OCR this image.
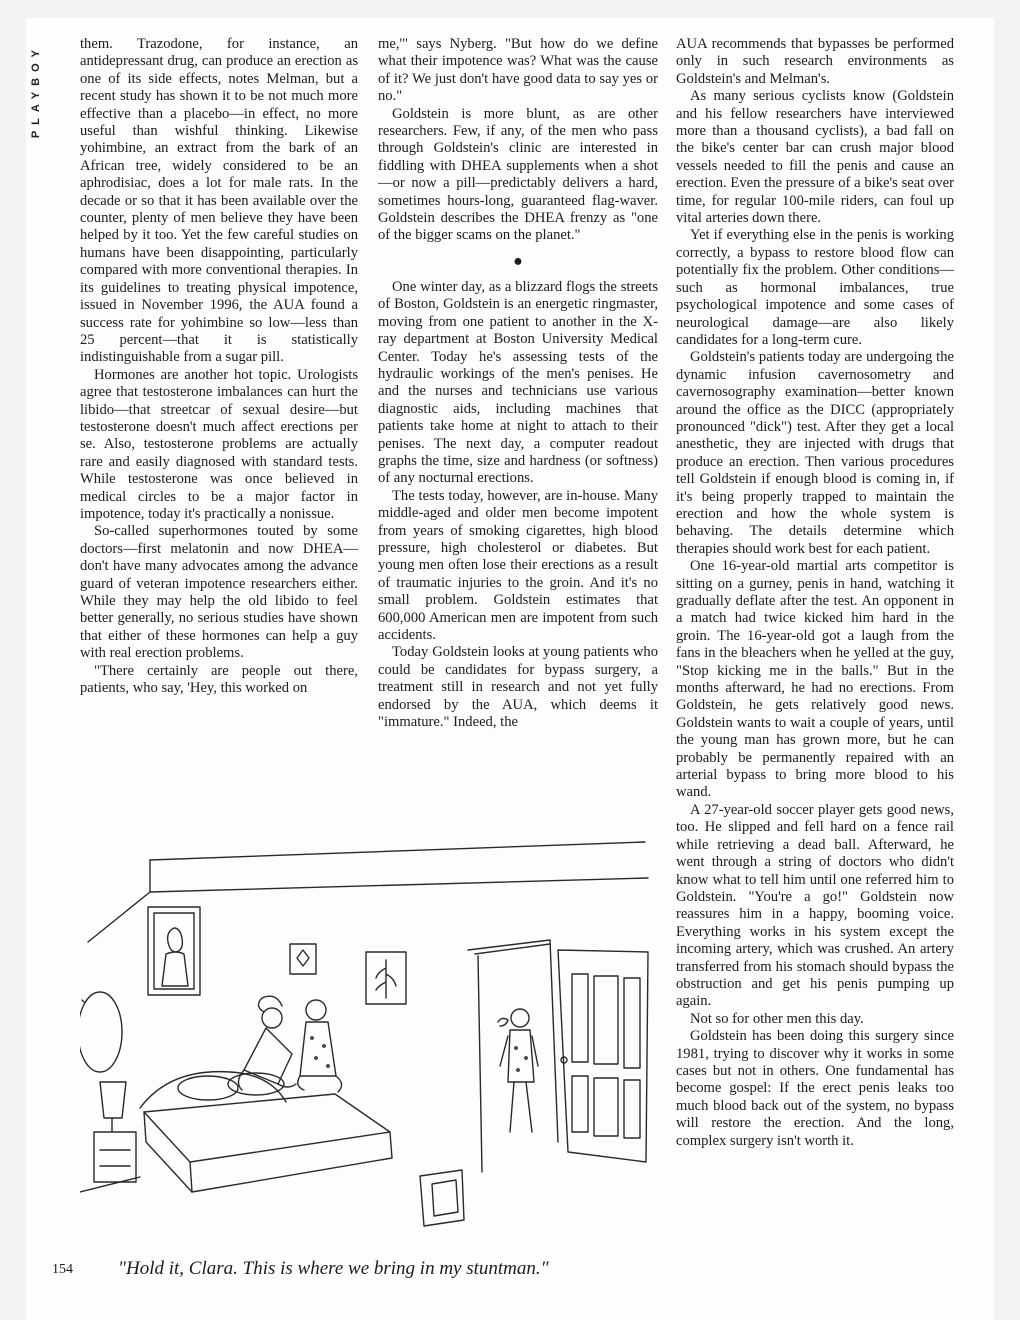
PLAYBOY	them. Trazodone, for instance, an antidepressant drug, can produce an erection as one of its side effects, notes Melman, but a recent study has shown it to be not much more effective than a placebo—in effect, no more useful than wishful thinking. Likewise yohimbine, an extract from the bark of an African tree, widely considered to be an aphrodisiac, does a lot for male rats. In the decade or so that it has been available over the counter, plenty of men believe they have been helped by it too. Yet the few careful studies on humans have been disappointing, particularly compared with more conventional therapies. In its guidelines to treating physical impotence, issued in November 1996, the AUA found a success rate for yohimbine so low—less than 25 percent—that it is statistically indistinguishable from a sugar pill.

Hormones are another hot topic. Urologists agree that testosterone imbalances can hurt the libido—that streetcar of sexual desire—but testosterone doesn't much affect erections per se. Also, testosterone problems are actually rare and easily diagnosed with standard tests. While testosterone was once believed in medical circles to be a major factor in impotence, today it's practically a nonissue.

So-called superhormones touted by some doctors—first melatonin and now DHEA—don't have many advocates among the advance guard of veteran impotence researchers either. While they may help the old libido to feel better generally, no serious studies have shown that either of these hormones can help a guy with real erection problems.

"There certainly are people out there, patients, who say, 'Hey, this worked on

me,'" says Nyberg. "But how do we define what their impotence was? What was the cause of it? We just don't have good data to say yes or no."

Goldstein is more blunt, as are other researchers. Few, if any, of the men who pass through Goldstein's clinic are interested in fiddling with DHEA supplements when a shot—or now a pill—predictably delivers a hard, sometimes hours-long, guaranteed flag-waver. Goldstein describes the DHEA frenzy as "one of the bigger scams on the planet."

●

One winter day, as a blizzard flogs the streets of Boston, Goldstein is an energetic ringmaster, moving from one patient to another in the X-ray department at Boston University Medical Center. Today he's assessing tests of the hydraulic workings of the men's penises. He and the nurses and technicians use various diagnostic aids, including machines that patients take home at night to attach to their penises. The next day, a computer readout graphs the time, size and hardness (or softness) of any nocturnal erections.

The tests today, however, are in-house. Many middle-aged and older men become impotent from years of smoking cigarettes, high blood pressure, high cholesterol or diabetes. But young men often lose their erections as a result of traumatic injuries to the groin. And it's no small problem. Goldstein estimates that 600,000 American men are impotent from such accidents.

Today Goldstein looks at young patients who could be candidates for bypass surgery, a treatment still in research and not yet fully endorsed by the AUA, which deems it "immature." Indeed, the

AUA recommends that bypasses be performed only in such research environments as Goldstein's and Melman's.

As many serious cyclists know (Goldstein and his fellow researchers have interviewed more than a thousand cyclists), a bad fall on the bike's center bar can crush major blood vessels needed to fill the penis and cause an erection. Even the pressure of a bike's seat over time, for regular 100-mile riders, can foul up vital arteries down there.

Yet if everything else in the penis is working correctly, a bypass to restore blood flow can potentially fix the problem. Other conditions—such as hormonal imbalances, true psychological impotence and some cases of neurological damage—are also likely candidates for a long-term cure.

Goldstein's patients today are undergoing the dynamic infusion cavernosometry and cavernosography examination—better known around the office as the DICC (appropriately pronounced "dick") test. After they get a local anesthetic, they are injected with drugs that produce an erection. Then various procedures tell Goldstein if enough blood is coming in, if it's being properly trapped to maintain the erection and how the whole system is behaving. The details determine which therapies should work best for each patient.

One 16-year-old martial arts competitor is sitting on a gurney, penis in hand, watching it gradually deflate after the test. An opponent in a match had twice kicked him hard in the groin. The 16-year-old got a laugh from the fans in the bleachers when he yelled at the guy, "Stop kicking me in the balls." But in the months afterward, he had no erections. From Goldstein, he gets relatively good news. Goldstein wants to wait a couple of years, until the young man has grown more, but he can probably be permanently repaired with an arterial bypass to bring more blood to his wand.

A 27-year-old soccer player gets good news, too. He slipped and fell hard on a fence rail while retrieving a dead ball. Afterward, he went through a string of doctors who didn't know what to tell him until one referred him to Goldstein. "You're a go!" Goldstein now reassures him in a happy, booming voice. Everything works in his system except the incoming artery, which was crushed. An artery transferred from his stomach should bypass the obstruction and get his penis pumping up again.

Not so for other men this day.

Goldstein has been doing this surgery since 1981, trying to discover why it works in some cases but not in others. One fundamental has become gospel: If the erect penis leaks too much blood back out of the system, no bypass will restore the erection. And the long, complex surgery isn't worth it.

154 "Hold it, Clara. This is where we bring in my stuntman."
